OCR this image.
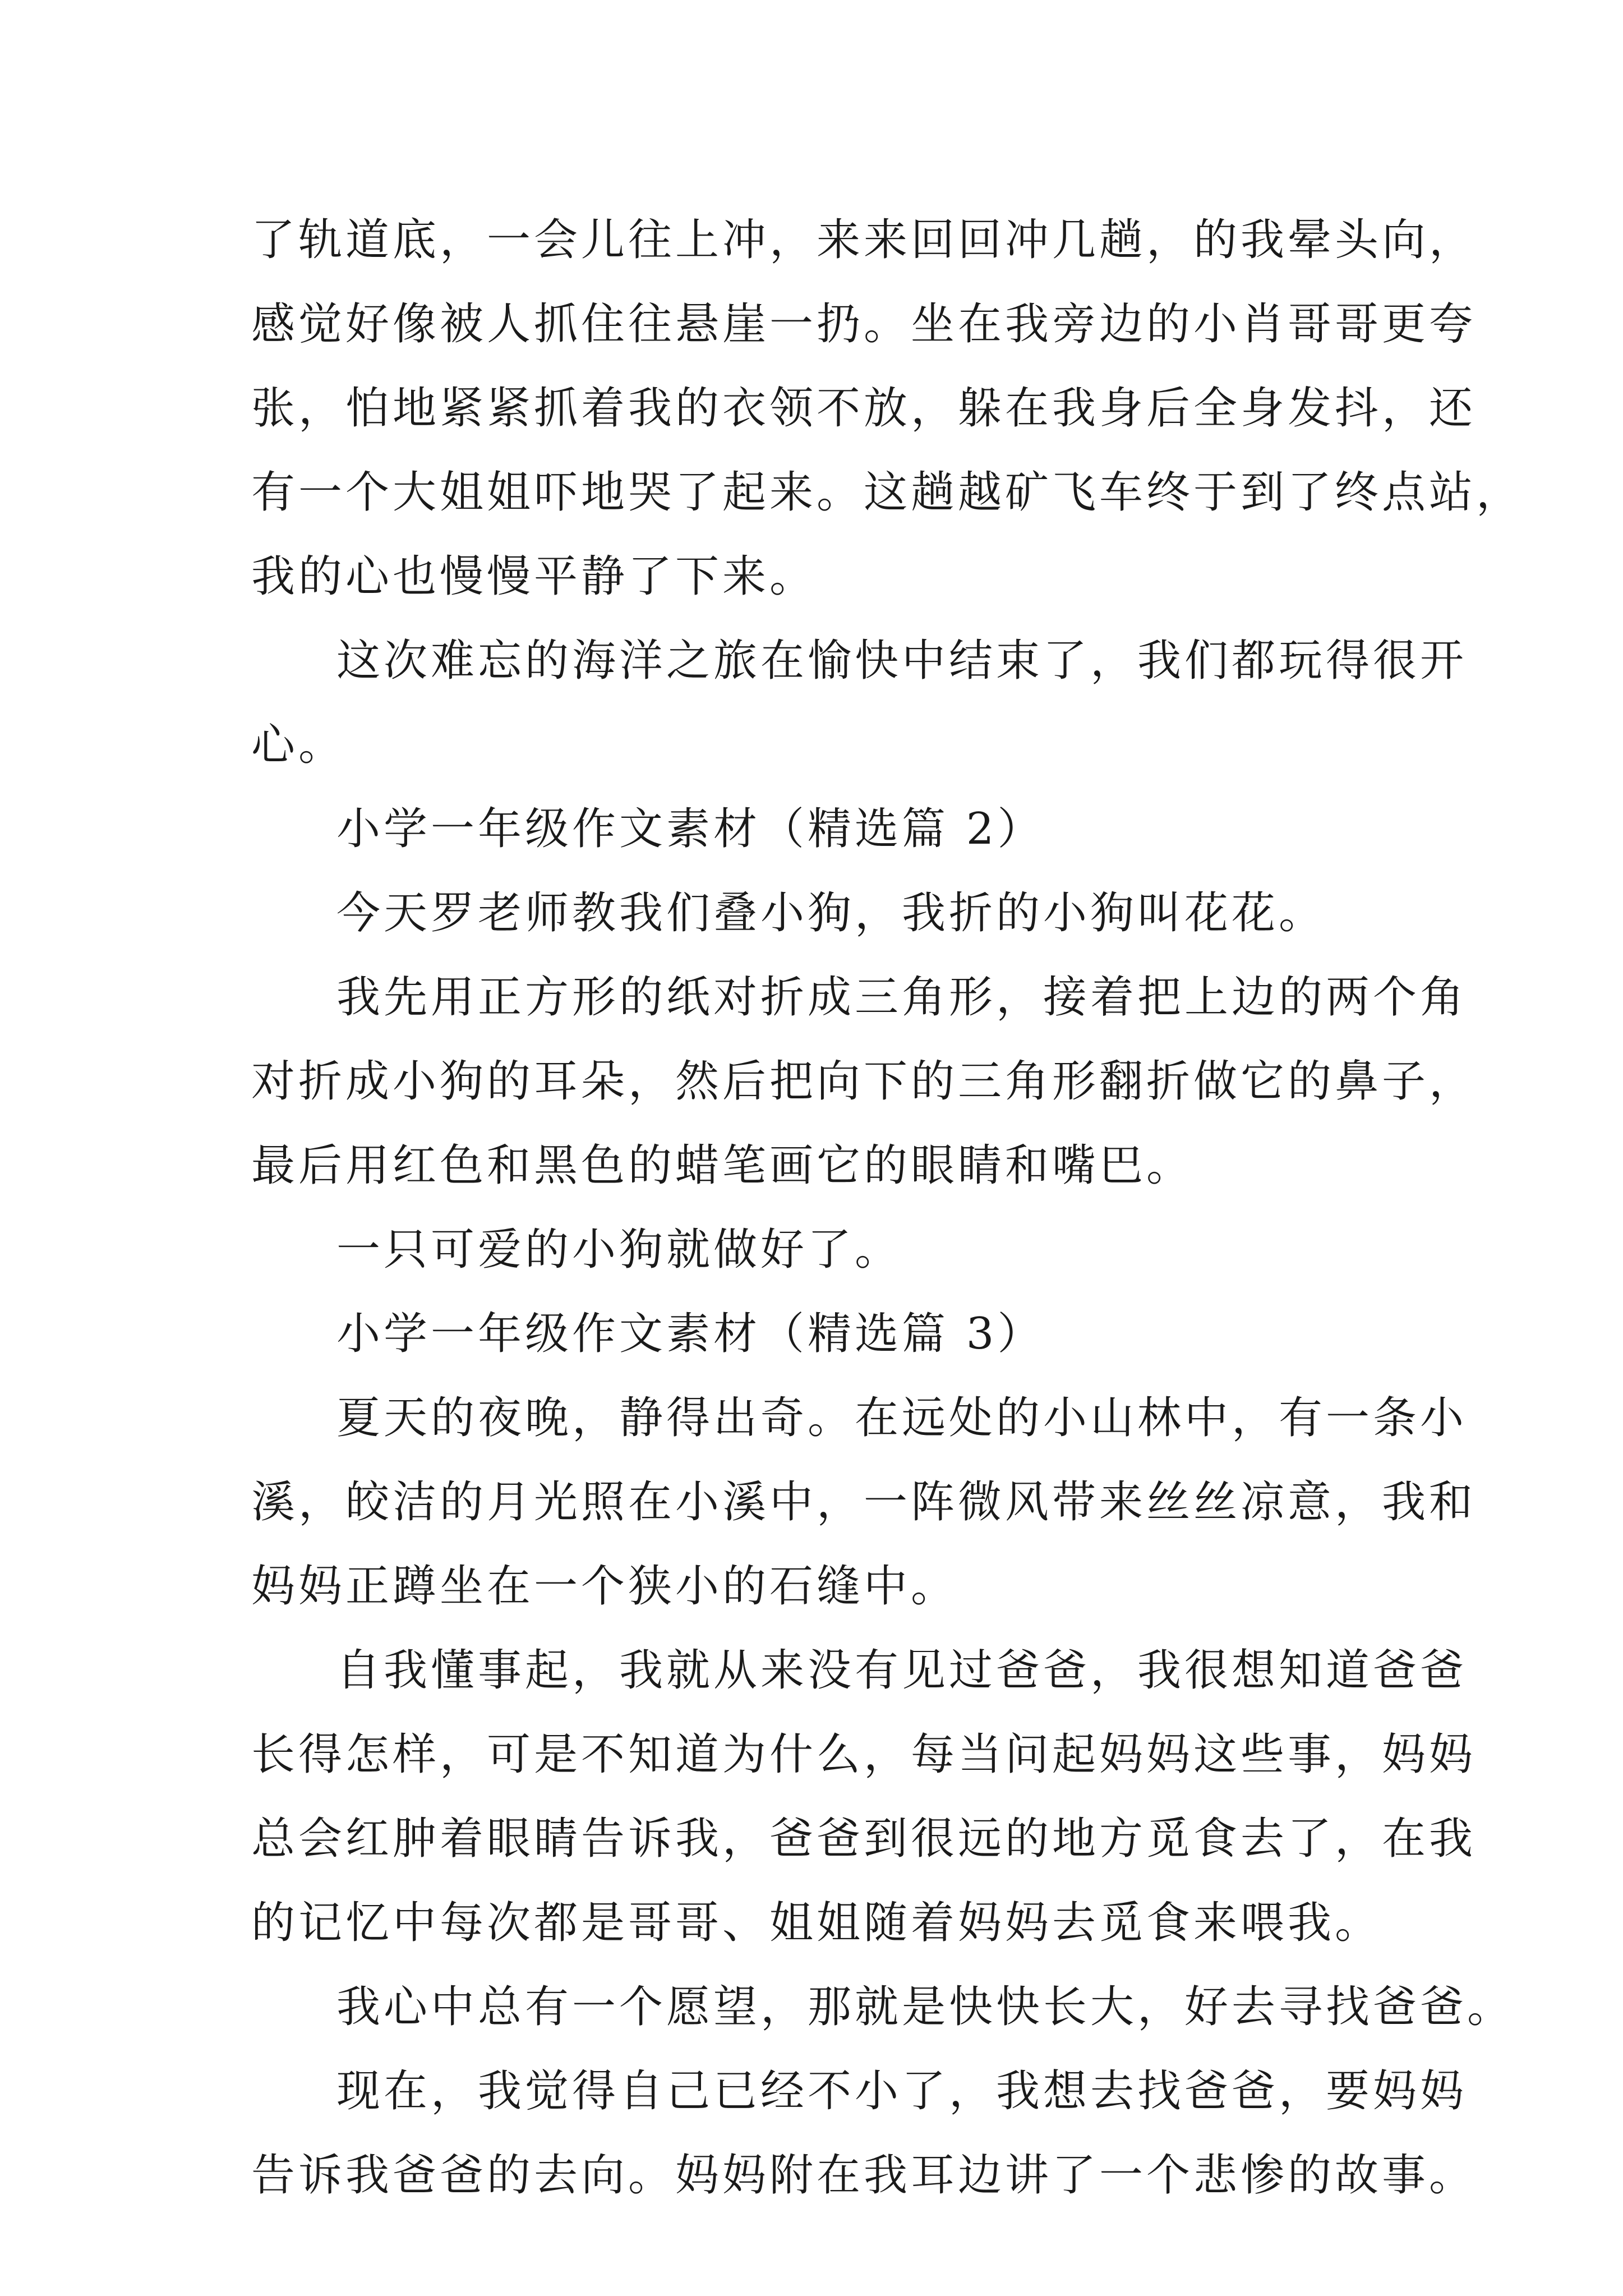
了轨道底，一会儿往上冲，来来回回冲几趟，的我晕头向，
感觉好像被人抓住往悬崖一扔。坐在我旁边的小肖哥哥更夸
张，怕地紧紧抓着我的衣领不放，躲在我身后全身发抖，还
有一个大姐姐吓地哭了起来。这趟越矿飞车终于到了终点站，
我的心也慢慢平静了下来。
这次难忘的海洋之旅在愉快中结束了，我们都玩得很开
心。
小学一年级作文素材（精选篇 2）
今天罗老师教我们叠小狗，我折的小狗叫花花。
我先用正方形的纸对折成三角形，接着把上边的两个角
对折成小狗的耳朵，然后把向下的三角形翻折做它的鼻子，
最后用红色和黑色的蜡笔画它的眼睛和嘴巴。
一只可爱的小狗就做好了。
小学一年级作文素材（精选篇 3）
夏天的夜晚，静得出奇。在远处的小山林中，有一条小
溪，皎洁的月光照在小溪中，一阵微风带来丝丝凉意，我和
妈妈正蹲坐在一个狭小的石缝中。
自我懂事起，我就从来没有见过爸爸，我很想知道爸爸
长得怎样，可是不知道为什么，每当问起妈妈这些事，妈妈
总会红肿着眼睛告诉我，爸爸到很远的地方觅食去了，在我
的记忆中每次都是哥哥、姐姐随着妈妈去觅食来喂我。
我心中总有一个愿望，那就是快快长大，好去寻找爸爸。
现在，我觉得自己已经不小了，我想去找爸爸，要妈妈
告诉我爸爸的去向。妈妈附在我耳边讲了一个悲惨的故事。
